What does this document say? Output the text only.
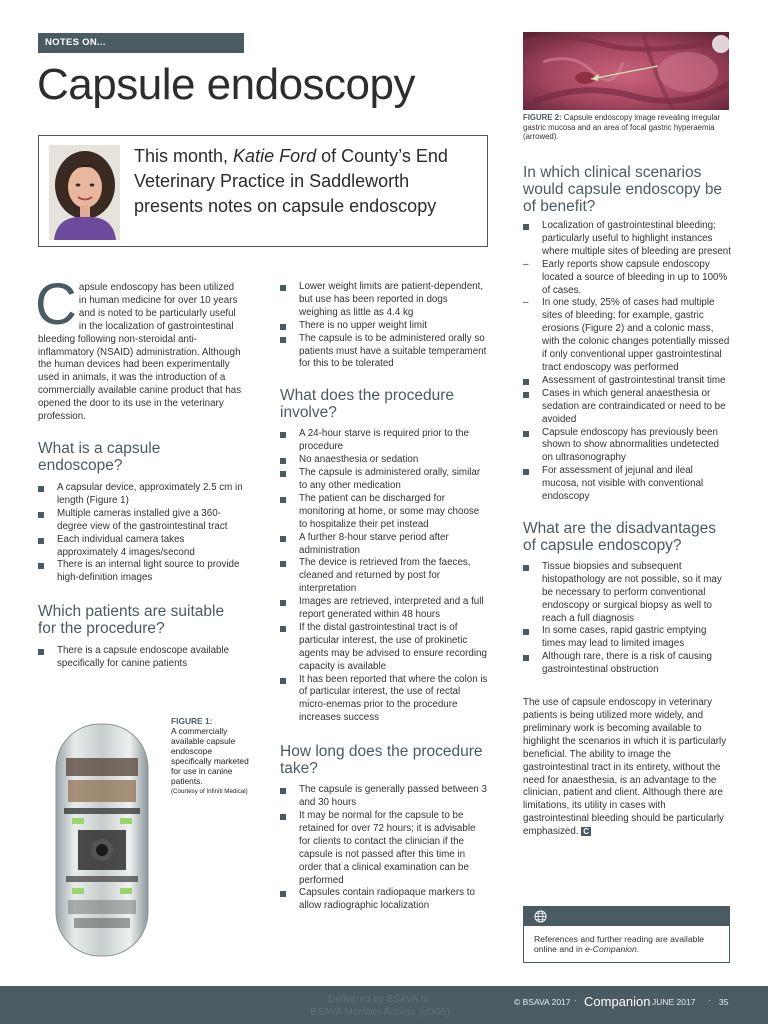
NOTES ON...
Capsule endoscopy
This month, Katie Ford of County’s End Veterinary Practice in Saddleworth presents notes on capsule endoscopy
FIGURE 2: Capsule endoscopy image revealing irregular gastric mucosa and an area of focal gastric hyperaemia (arrowed).
C apsule endoscopy has been utilized in human medicine for over 10 years and is noted to be particularly useful in the localization of gastrointestinal bleeding following non-steroidal anti-inflammatory (NSAID) administration. Although the human devices had been experimentally used in animals, it was the introduction of a commercially available canine product that has opened the door to its use in the veterinary profession.

What is a capsule endoscope?
A capsular device, approximately 2.5 cm in length (Figure 1)
Multiple cameras installed give a 360-degree view of the gastrointestinal tract
Each individual camera takes approximately 4 images/second
There is an internal light source to provide high-definition images
Which patients are suitable for the procedure?
There is a capsule endoscope available specifically for canine patients
FIGURE 1:
A commercially available capsule endoscope specifically marketed for use in canine patients.
(Courtesy of Infiniti Medical)
Lower weight limits are patient-dependent, but use has been reported in dogs weighing as little as 4.4 kg
There is no upper weight limit
The capsule is to be administered orally so patients must have a suitable temperament for this to be tolerated
What does the procedure involve?
A 24-hour starve is required prior to the procedure
No anaesthesia or sedation
The capsule is administered orally, similar to any other medication
The patient can be discharged for monitoring at home, or some may choose to hospitalize their pet instead
A further 8-hour starve period after administration
The device is retrieved from the faeces, cleaned and returned by post for interpretation
Images are retrieved, interpreted and a full report generated within 48 hours
If the distal gastrointestinal tract is of particular interest, the use of prokinetic agents may be advised to ensure recording capacity is available
It has been reported that where the colon is of particular interest, the use of rectal micro-enemas prior to the procedure increases success
How long does the procedure take?
The capsule is generally passed between 3 and 30 hours
It may be normal for the capsule to be retained for over 72 hours; it is advisable for clients to contact the clinician if the capsule is not passed after this time in order that a clinical examination can be performed
Capsules contain radiopaque markers to allow radiographic localization
In which clinical scenarios would capsule endoscopy be of benefit?
Localization of gastrointestinal bleeding; particularly useful to highlight instances where multiple sites of bleeding are present
– Early reports show capsule endoscopy located a source of bleeding in up to 100% of cases.
– In one study, 25% of cases had multiple sites of bleeding; for example, gastric erosions (Figure 2) and a colonic mass, with the colonic changes potentially missed if only conventional upper gastrointestinal tract endoscopy was performed
Assessment of gastrointestinal transit time
Cases in which general anaesthesia or sedation are contraindicated or need to be avoided
Capsule endoscopy has previously been shown to show abnormalities undetected on ultrasonography
For assessment of jejunal and ileal mucosa, not visible with conventional endoscopy
What are the disadvantages of capsule endoscopy?
Tissue biopsies and subsequent histopathology are not possible, so it may be necessary to perform conventional endoscopy or surgical biopsy as well to reach a full diagnosis
In some cases, rapid gastric emptying times may lead to limited images
Although rare, there is a risk of causing gastrointestinal obstruction

The use of capsule endoscopy in veterinary patients is being utilized more widely, and preliminary work is becoming available to highlight the scenarios in which it is particularly beneficial. The ability to image the gastrointestinal tract in its entirety, without the need for anaesthesia, is an advantage to the clinician, patient and client. Although there are limitations, its utility in cases with gastrointestinal bleeding should be particularly emphasized. C

References and further reading are available online and in e-Companion.
Delivered by BSAVA to:
BSAVA Member Access (id305)
© BSAVA 2017 · Companion JUNE 2017 · 35
